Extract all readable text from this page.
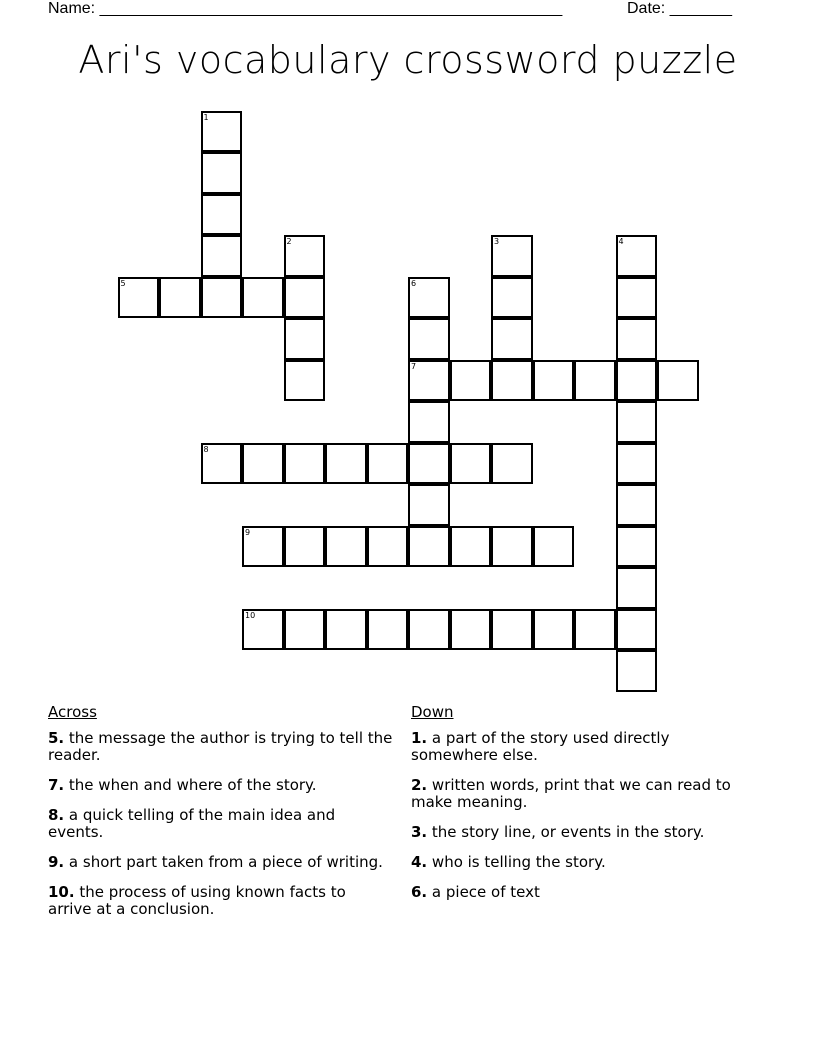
Name: ____________________________________________________	Date: _______
Ari's vocabulary crossword puzzle
1
5
2	3	4
6
7
8
9
10
Across
5. the message the author is trying to tell the reader.
7. the when and where of the story.
8. a quick telling of the main idea and events.
9. a short part taken from a piece of writing.
10. the process of using known facts to arrive at a conclusion.
Down
1. a part of the story used directly somewhere else.
2. written words, print that we can read to make meaning.
3. the story line, or events in the story.
4. who is telling the story.
6. a piece of text
